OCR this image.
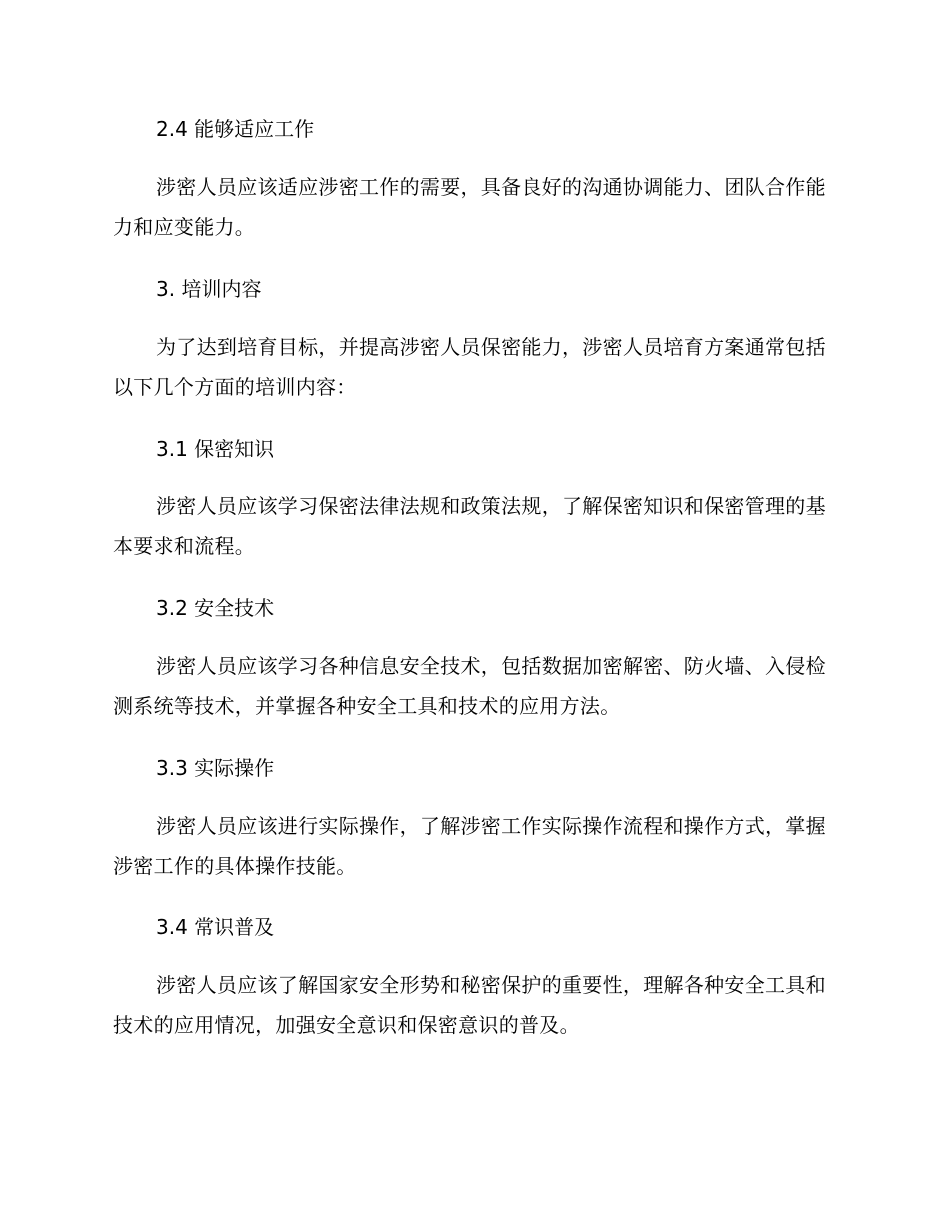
2.4 能够适应工作
涉密人员应该适应涉密工作的需要，具备良好的沟通协调能力、团队合作能力和应变能力。
3. 培训内容
为了达到培育目标，并提高涉密人员保密能力，涉密人员培育方案通常包括以下几个方面的培训内容：
3.1 保密知识
涉密人员应该学习保密法律法规和政策法规，了解保密知识和保密管理的基本要求和流程。
3.2 安全技术
涉密人员应该学习各种信息安全技术，包括数据加密解密、防火墙、入侵检测系统等技术，并掌握各种安全工具和技术的应用方法。
3.3 实际操作
涉密人员应该进行实际操作，了解涉密工作实际操作流程和操作方式，掌握涉密工作的具体操作技能。
3.4 常识普及
涉密人员应该了解国家安全形势和秘密保护的重要性，理解各种安全工具和技术的应用情况，加强安全意识和保密意识的普及。
